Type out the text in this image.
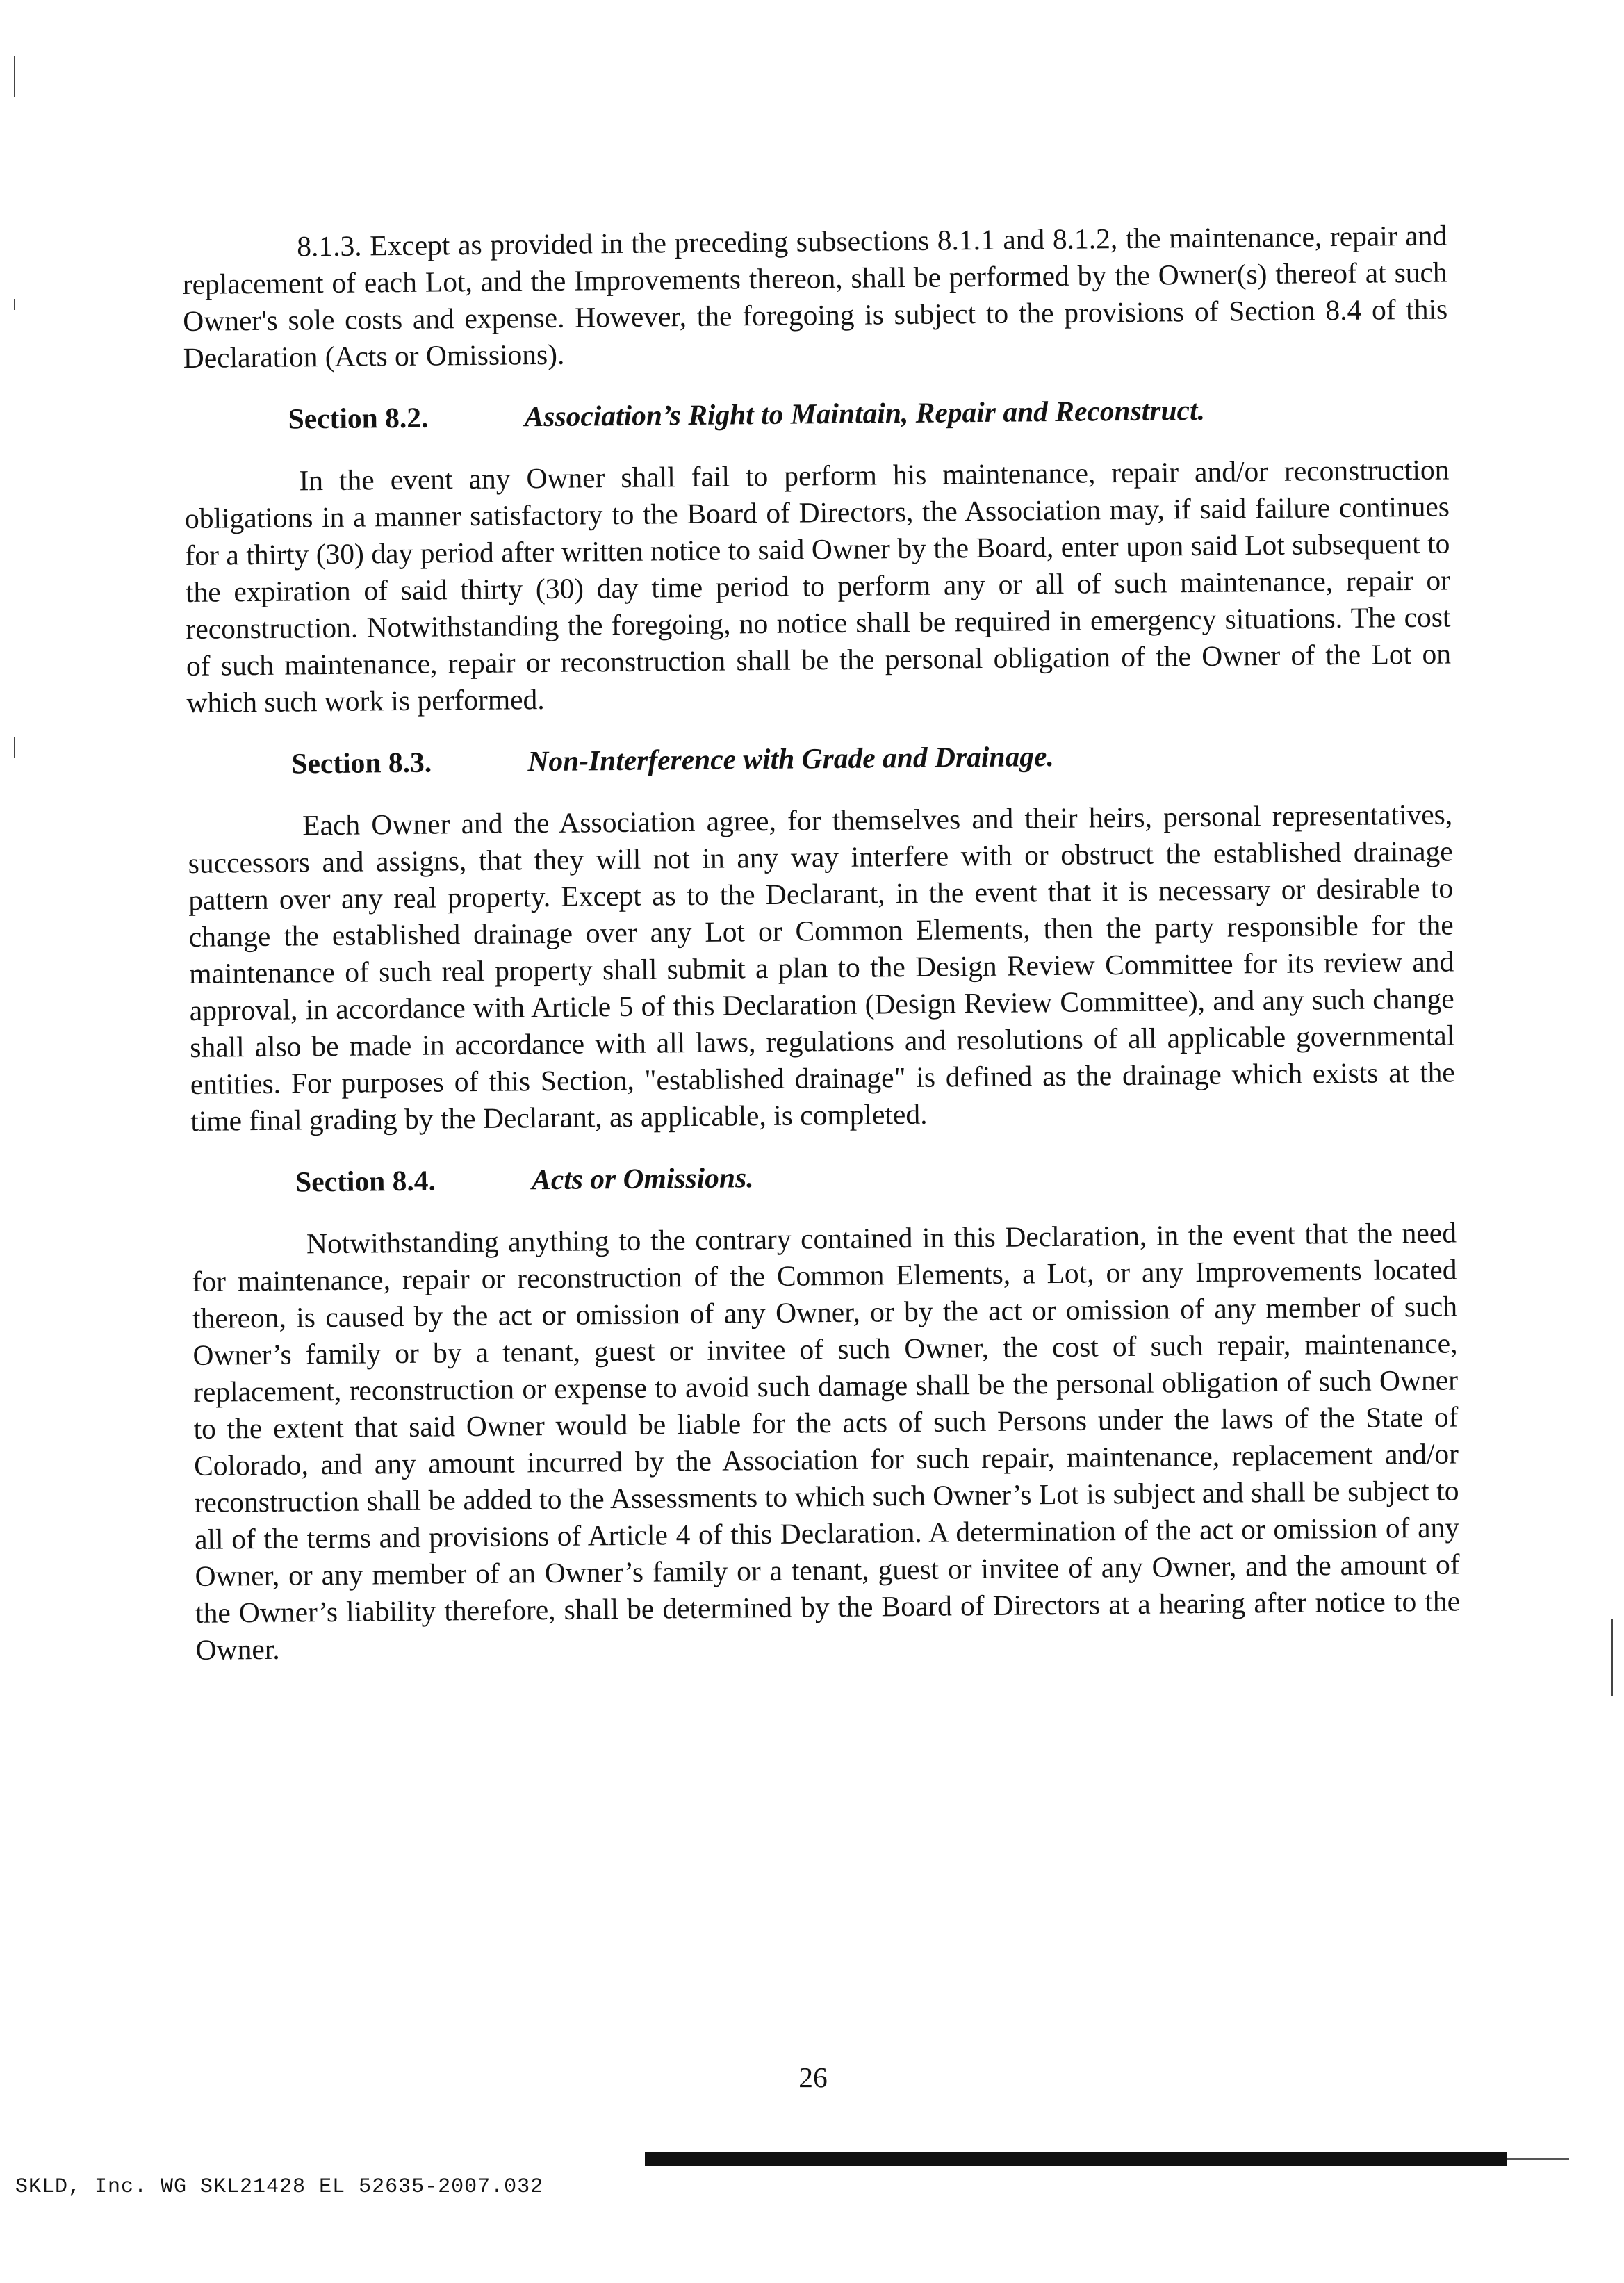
8.1.3. Except as provided in the preceding subsections 8.1.1 and 8.1.2, the maintenance, repair and replacement of each Lot, and the Improvements thereon, shall be performed by the Owner(s) thereof at such Owner's sole costs and expense. However, the foregoing is subject to the provisions of Section 8.4 of this Declaration (Acts or Omissions).

Section 8.2.	Association’s Right to Maintain, Repair and Reconstruct.

In the event any Owner shall fail to perform his maintenance, repair and/or reconstruction obligations in a manner satisfactory to the Board of Directors, the Association may, if said failure continues for a thirty (30) day period after written notice to said Owner by the Board, enter upon said Lot subsequent to the expiration of said thirty (30) day time period to perform any or all of such maintenance, repair or reconstruction. Notwithstanding the foregoing, no notice shall be required in emergency situations. The cost of such maintenance, repair or reconstruction shall be the personal obligation of the Owner of the Lot on which such work is performed.

Section 8.3.	Non-Interference with Grade and Drainage.

Each Owner and the Association agree, for themselves and their heirs, personal representatives, successors and assigns, that they will not in any way interfere with or obstruct the established drainage pattern over any real property. Except as to the Declarant, in the event that it is necessary or desirable to change the established drainage over any Lot or Common Elements, then the party responsible for the maintenance of such real property shall submit a plan to the Design Review Committee for its review and approval, in accordance with Article 5 of this Declaration (Design Review Committee), and any such change shall also be made in accordance with all laws, regulations and resolutions of all applicable governmental entities. For purposes of this Section, "established drainage" is defined as the drainage which exists at the time final grading by the Declarant, as applicable, is completed.

Section 8.4.	Acts or Omissions.

Notwithstanding anything to the contrary contained in this Declaration, in the event that the need for maintenance, repair or reconstruction of the Common Elements, a Lot, or any Improvements located thereon, is caused by the act or omission of any Owner, or by the act or omission of any member of such Owner’s family or by a tenant, guest or invitee of such Owner, the cost of such repair, maintenance, replacement, reconstruction or expense to avoid such damage shall be the personal obligation of such Owner to the extent that said Owner would be liable for the acts of such Persons under the laws of the State of Colorado, and any amount incurred by the Association for such repair, maintenance, replacement and/or reconstruction shall be added to the Assessments to which such Owner’s Lot is subject and shall be subject to all of the terms and provisions of Article 4 of this Declaration. A determination of the act or omission of any Owner, or any member of an Owner’s family or a tenant, guest or invitee of any Owner, and the amount of the Owner’s liability therefore, shall be determined by the Board of Directors at a hearing after notice to the Owner.

26
SKLD, Inc. WG SKL21428 EL 52635-2007.032
